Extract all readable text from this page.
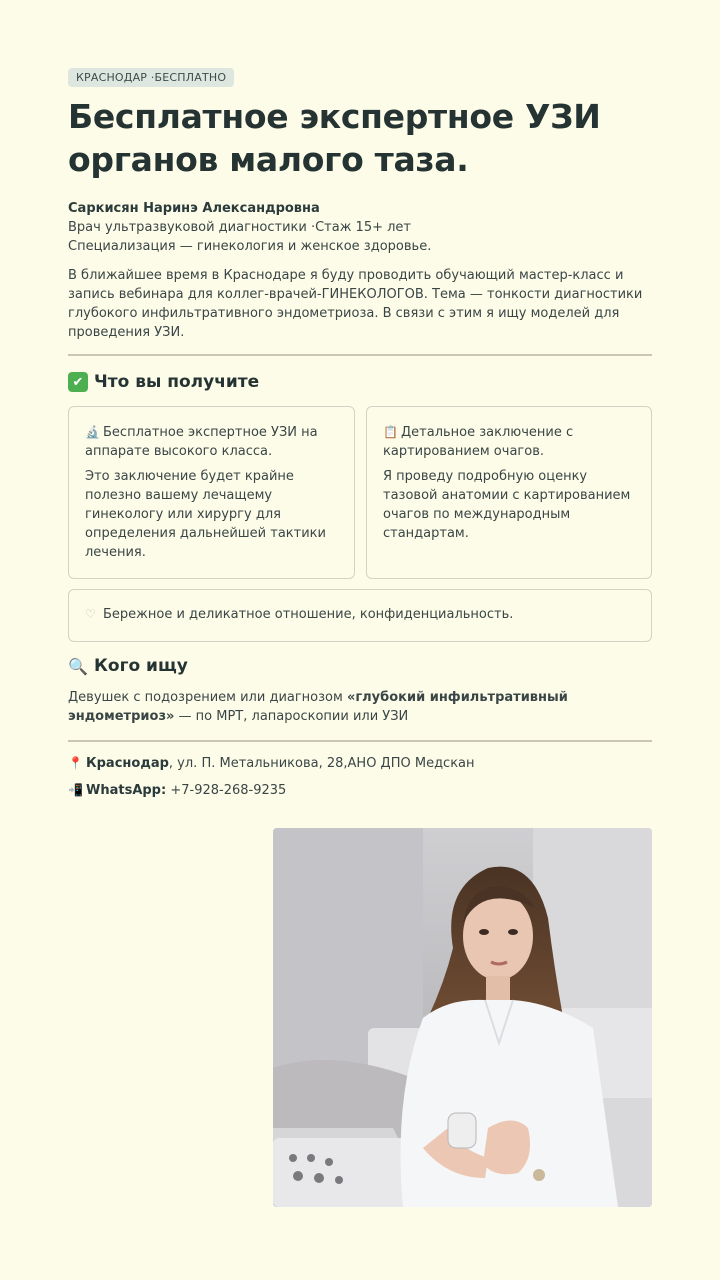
КРАСНОДАР ·БЕСПЛАТНО
Бесплатное экспертное УЗИ
органов малого таза.
Саркисян Наринэ Александровна
Врач ультразвуковой диагностики ·Стаж 15+ лет
Специализация — гинекология и женское здоровье.

В ближайшее время в Краснодаре я буду проводить обучающий мастер-класс и запись вебинара для коллег-врачей-ГИНЕКОЛОГОВ. Тема — тонкости диагностики глубокого инфильтративного эндометриоза. В связи с этим я ищу моделей для проведения УЗИ.

✔ Что вы получите
🔬 Бесплатное экспертное УЗИ на аппарате высокого класса.
Это заключение будет крайне полезно вашему лечащему гинекологу или хирургу для определения дальнейшей тактики лечения.
📋 Детальное заключение с картированием очагов.
Я проведу подробную оценку тазовой анатомии с картированием очагов по международным стандартам.
♡ Бережное и деликатное отношение, конфиденциальность.
🔍 Кого ищу

Девушек с подозрением или диагнозом «глубокий инфильтративный эндометриоз» — по МРТ, лапароскопии или УЗИ

📍 Краснодар, ул. П. Метальникова, 28,АНО ДПО Медскан
📲 WhatsApp: +7-928-268-9235
